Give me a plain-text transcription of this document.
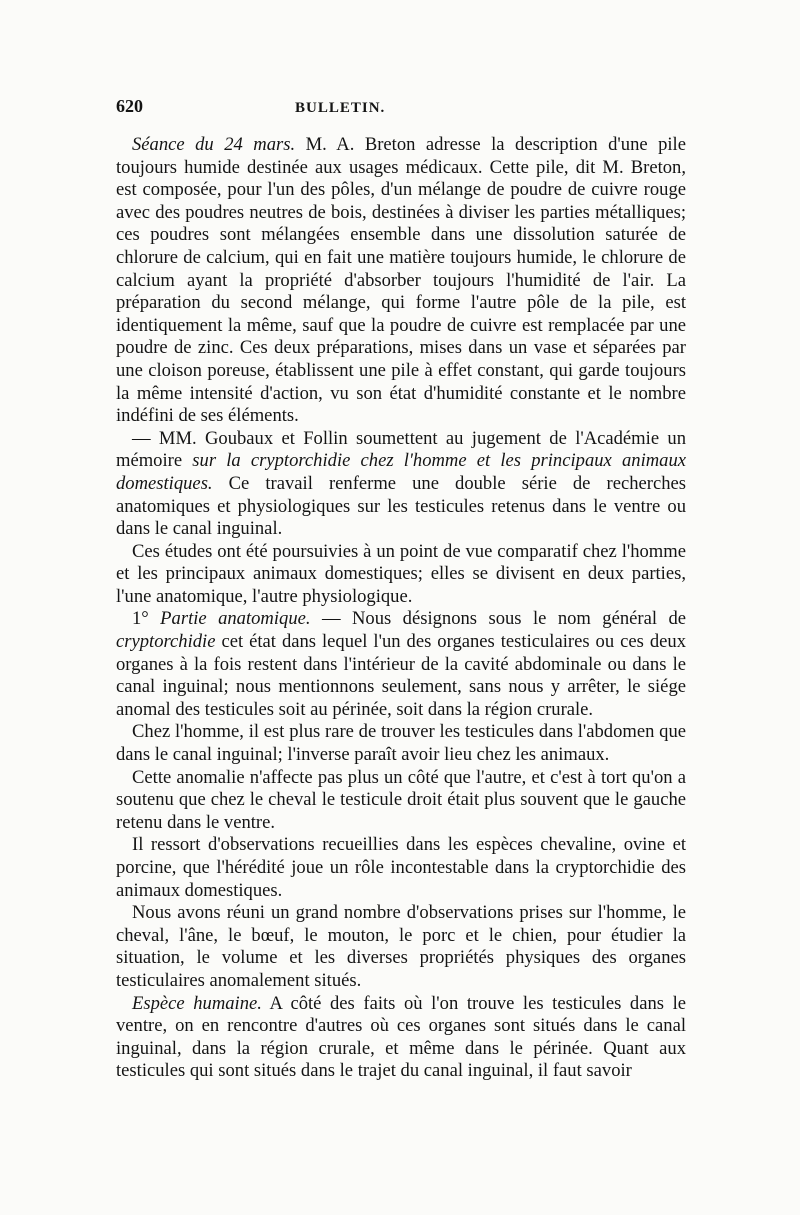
620	BULLETIN.

Séance du 24 mars. M. A. Breton adresse la description d'une pile toujours humide destinée aux usages médicaux. Cette pile, dit M. Breton, est composée, pour l'un des pôles, d'un mélange de poudre de cuivre rouge avec des poudres neutres de bois, destinées à diviser les parties métalliques; ces poudres sont mélangées ensemble dans une dissolution saturée de chlorure de calcium, qui en fait une matière toujours humide, le chlorure de calcium ayant la propriété d'absorber toujours l'humidité de l'air. La préparation du second mélange, qui forme l'autre pôle de la pile, est identiquement la même, sauf que la poudre de cuivre est remplacée par une poudre de zinc. Ces deux préparations, mises dans un vase et séparées par une cloison poreuse, établissent une pile à effet constant, qui garde toujours la même intensité d'action, vu son état d'humidité constante et le nombre indéfini de ses éléments.

— MM. Goubaux et Follin soumettent au jugement de l'Académie un mémoire sur la cryptorchidie chez l'homme et les principaux animaux domestiques. Ce travail renferme une double série de recherches anatomiques et physiologiques sur les testicules retenus dans le ventre ou dans le canal inguinal.

Ces études ont été poursuivies à un point de vue comparatif chez l'homme et les principaux animaux domestiques; elles se divisent en deux parties, l'une anatomique, l'autre physiologique.

1° Partie anatomique. — Nous désignons sous le nom général de cryptorchidie cet état dans lequel l'un des organes testiculaires ou ces deux organes à la fois restent dans l'intérieur de la cavité abdominale ou dans le canal inguinal; nous mentionnons seulement, sans nous y arrêter, le siége anomal des testicules soit au périnée, soit dans la région crurale.

Chez l'homme, il est plus rare de trouver les testicules dans l'abdomen que dans le canal inguinal; l'inverse paraît avoir lieu chez les animaux.

Cette anomalie n'affecte pas plus un côté que l'autre, et c'est à tort qu'on a soutenu que chez le cheval le testicule droit était plus souvent que le gauche retenu dans le ventre.

Il ressort d'observations recueillies dans les espèces chevaline, ovine et porcine, que l'hérédité joue un rôle incontestable dans la cryptorchidie des animaux domestiques.

Nous avons réuni un grand nombre d'observations prises sur l'homme, le cheval, l'âne, le bœuf, le mouton, le porc et le chien, pour étudier la situation, le volume et les diverses propriétés physiques des organes testiculaires anomalement situés.

Espèce humaine. A côté des faits où l'on trouve les testicules dans le ventre, on en rencontre d'autres où ces organes sont situés dans le canal inguinal, dans la région crurale, et même dans le périnée. Quant aux testicules qui sont situés dans le trajet du canal inguinal, il faut savoir
